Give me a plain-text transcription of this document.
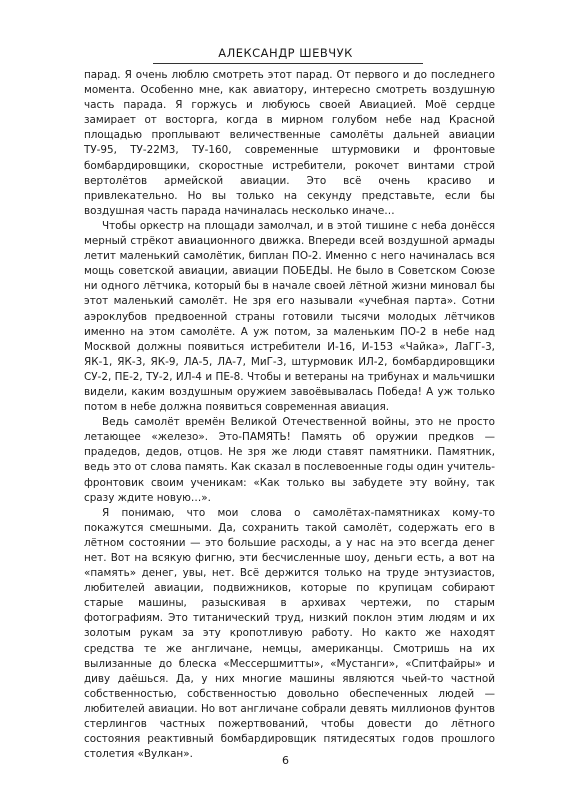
АЛЕКСАНДР ШЕВЧУК

парад. Я очень люблю смотреть этот парад. От первого и до последнего момента. Особенно мне, как авиатору, интересно смотреть воздушную часть парада. Я горжусь и любуюсь своей Авиацией. Моё сердце замирает от восторга, когда в мирном голубом небе над Красной площадью проплывают величественные самолёты дальней авиации ТУ-95, ТУ-22М3, ТУ-160, современные штурмовики и фронтовые бомбардировщики, скоростные истребители, рокочет винтами строй вертолётов армейской авиации. Это всё очень красиво и привлекательно. Но вы только на секунду представьте, если бы воздушная часть парада начиналась несколько иначе…

Чтобы оркестр на площади замолчал, и в этой тишине с неба донёсся мерный стрёкот авиационного движка. Впереди всей воздушной армады летит маленький самолётик, биплан ПО-2. Именно с него начиналась вся мощь советской авиации, авиации ПОБЕДЫ. Не было в Советском Союзе ни одного лётчика, который бы в начале своей лётной жизни миновал бы этот маленький самолёт. Не зря его называли «учебная парта». Сотни аэроклубов предвоенной страны готовили тысячи молодых лётчиков именно на этом самолёте. А уж потом, за маленьким ПО-2 в небе над Москвой должны появиться истребители И-16, И-153 «Чайка», ЛаГГ-3, ЯК-1, ЯК-3, ЯК-9, ЛА-5, ЛА-7, МиГ-3, штурмовик ИЛ-2, бомбардировщики СУ-2, ПЕ-2, ТУ-2, ИЛ-4 и ПЕ-8. Чтобы и ветераны на трибунах и мальчишки видели, каким воздушным оружием завоёвывалась Победа! А уж только потом в небе должна появиться современная авиация.

Ведь самолёт времён Великой Отечественной войны, это не просто летающее «железо». Это-ПАМЯТЬ! Память об оружии предков — прадедов, дедов, отцов. Не зря же люди ставят памятники. Памятник, ведь это от слова память. Как сказал в послевоенные годы один учитель-фронтовик своим ученикам: «Как только вы забудете эту войну, так сразу ждите новую…».

Я понимаю, что мои слова о самолётах-памятниках кому-то покажутся смешными. Да, сохранить такой самолёт, содержать его в лётном состоянии — это большие расходы, а у нас на это всегда денег нет. Вот на всякую фигню, эти бесчисленные шоу, деньги есть, а вот на «память» денег, увы, нет. Всё держится только на труде энтузиастов, любителей авиации, подвижников, которые по крупицам собирают старые машины, разыскивая в архивах чертежи, по старым фотографиям. Это титанический труд, низкий поклон этим людям и их золотым рукам за эту кропотливую работу. Но както же находят средства те же англичане, немцы, американцы. Смотришь на их вылизанные до блеска «Мессершмитты», «Мустанги», «Спитфайры» и диву даёшься. Да, у них многие машины являются чьей-то частной собственностью, собственностью довольно обеспеченных людей — любителей авиации. Но вот англичане собрали девять миллионов фунтов стерлингов частных пожертвований, чтобы довести до лётного состояния реактивный бомбардировщик пятидесятых годов прошлого столетия «Вулкан».	6
